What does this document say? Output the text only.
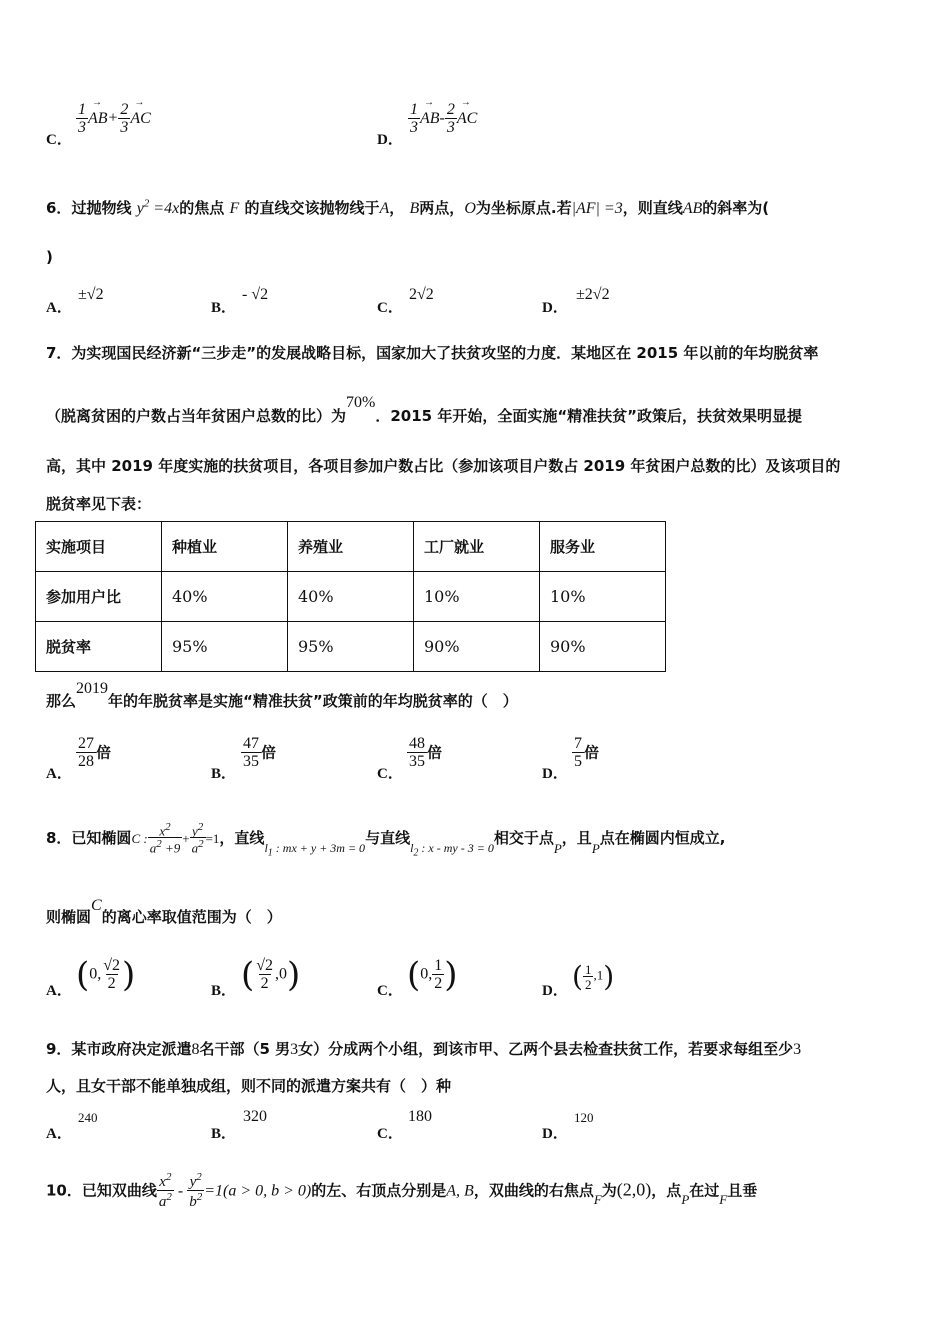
C．
$\frac{1}{3} \to AB+ \frac{2}{3}$ → AC
D．
$\frac{1}{3} \to AB- \frac{2}{3}$ → AC
6．过抛物线 $y^2 =4x$的焦点 F 的直线交该抛物线于A， B两点，O为坐标原点.若|AF| =3，则直线AB的斜率为(
)
A．
±√2
B．
- √2
C．
2√2
D．
±2√2
7．为实现国民经济新“三步走”的发展战略目标，国家加大了扶贫攻坚的力度．某地区在 2015 年以前的年均脱贫率
（脱离贫困的户数占当年贫困户总数的比）为70%．2015 年开始，全面实施“精准扶贫”政策后，扶贫效果明显提
高，其中 2019 年度实施的扶贫项目，各项目参加户数占比（参加该项目户数占 2019 年贫困户总数的比）及该项目的
脱贫率见下表：
实施项目	种植业	养殖业	工厂就业	服务业
参加用户比	40%	40%	10%	10%
脱贫率	95%	95%	90%	90%
那么2019年的年脱贫率是实施“精准扶贫”政策前的年均脱贫率的（　）
A．
$\frac{27}{28}$ 倍
B．
$\frac{47}{35}$ 倍
C．
$\frac{48}{35}$ 倍
D．
$\frac{7}{5}$ 倍
8．已知椭圆C : $\frac{x^2}{a^2 +9} + \frac{y^2}{a^2} =1$，直线$_{l_1 : mx + y + 3m = 0}$与直线$_{l_2 : x - my - 3 = 0}$相交于点P，且P点在椭圆内恒成立,
则椭圆C的离心率取值范围为（　）
A． (0, $\frac{√2}{2}$ )	B． ( $\frac{√2}{2} ,0$)	C． (0, $\frac{1}{2}$ )	D． ( $\frac{1}{2} ,1$)
9．某市政府决定派遣8名干部（5 男3女）分成两个小组，到该市甲、乙两个县去检查扶贫工作，若要求每组至少3
人，且女干部不能单独成组，则不同的派遣方案共有（　）种
A．
240
B．
320
C．
180
D．
120
10．已知双曲线 $\frac{x^2}{a^2} - \frac{y^2}{b^2} =1(a > 0$, b > 0)的左、右顶点分别是A, B，双曲线的右焦点F为(2,0)，点P在过F且垂
